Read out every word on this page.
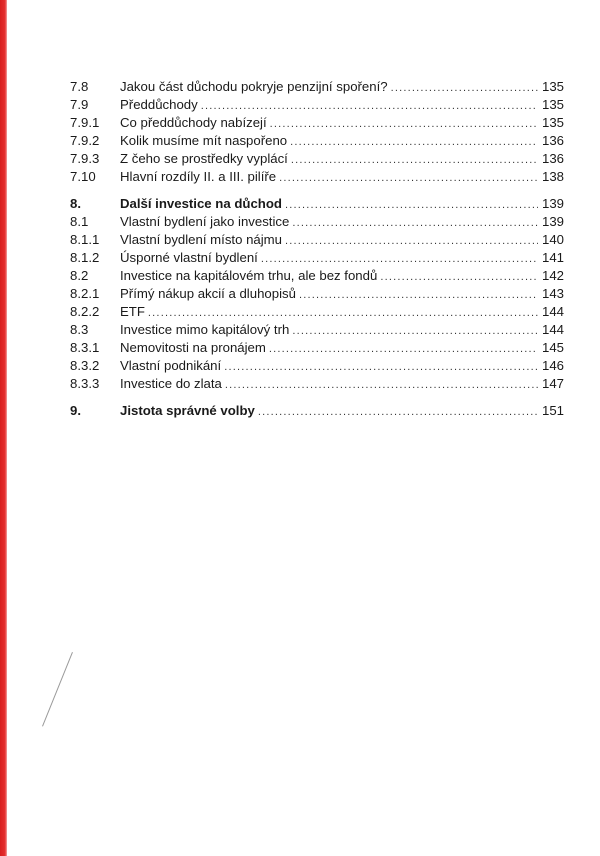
7.8 Jakou část důchodu pokryje penzijní spoření? .....	135
7.9 Předdůchody .....	135
7.9.1 Co předdůchody nabízejí .....	135
7.9.2 Kolik musíme mít naspořeno .....	136
7.9.3 Z čeho se prostředky vyplácí .....	136
7.10 Hlavní rozdíly II. a III. pilíře .....	138
8.	Další investice na důchod .....	139
8.1 Vlastní bydlení jako investice .....	139
8.1.1 Vlastní bydlení místo nájmu .....	140
8.1.2 Úsporné vlastní bydlení .....	141
8.2 Investice na kapitálovém trhu, ale bez fondů .....	142
8.2.1 Přímý nákup akcií a dluhopisů .....	143
8.2.2 ETF .....	144
8.3 Investice mimo kapitálový trh .....	144
8.3.1 Nemovitosti na pronájem .....	145
8.3.2 Vlastní podnikání .....	146
8.3.3 Investice do zlata .....	147
9.	Jistota správné volby .....	151
